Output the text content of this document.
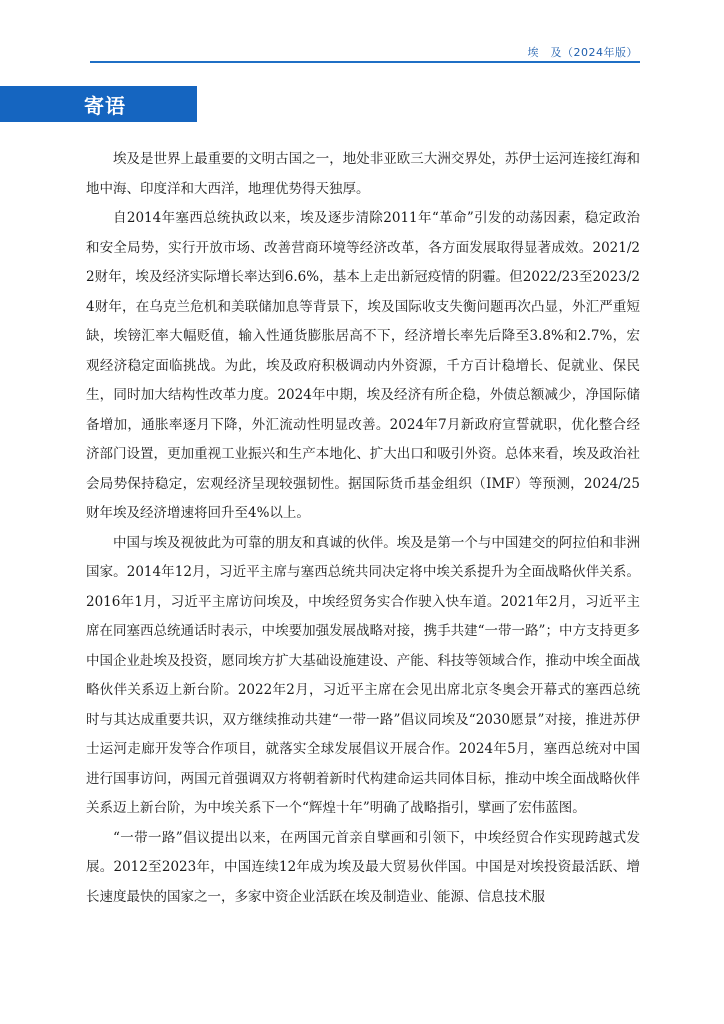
埃　及（2024年版）
寄语

埃及是世界上最重要的文明古国之一，地处非亚欧三大洲交界处，苏伊士运河连接红海和地中海、印度洋和大西洋，地理优势得天独厚。

自2014年塞西总统执政以来，埃及逐步清除2011年“革命”引发的动荡因素，稳定政治和安全局势，实行开放市场、改善营商环境等经济改革，各方面发展取得显著成效。2021/22财年，埃及经济实际增长率达到6.6%，基本上走出新冠疫情的阴霾。但2022/23至2023/24财年，在乌克兰危机和美联储加息等背景下，埃及国际收支失衡问题再次凸显，外汇严重短缺，埃镑汇率大幅贬值，输入性通货膨胀居高不下，经济增长率先后降至3.8%和2.7%，宏观经济稳定面临挑战。为此，埃及政府积极调动内外资源，千方百计稳增长、促就业、保民生，同时加大结构性改革力度。2024年中期，埃及经济有所企稳，外债总额减少，净国际储备增加，通胀率逐月下降，外汇流动性明显改善。2024年7月新政府宣誓就职，优化整合经济部门设置，更加重视工业振兴和生产本地化、扩大出口和吸引外资。总体来看，埃及政治社会局势保持稳定，宏观经济呈现较强韧性。据国际货币基金组织（IMF）等预测，2024/25财年埃及经济增速将回升至4%以上。

中国与埃及视彼此为可靠的朋友和真诚的伙伴。埃及是第一个与中国建交的阿拉伯和非洲国家。2014年12月，习近平主席与塞西总统共同决定将中埃关系提升为全面战略伙伴关系。2016年1月，习近平主席访问埃及，中埃经贸务实合作驶入快车道。2021年2月，习近平主席在同塞西总统通话时表示，中埃要加强发展战略对接，携手共建“一带一路”；中方支持更多中国企业赴埃及投资，愿同埃方扩大基础设施建设、产能、科技等领域合作，推动中埃全面战略伙伴关系迈上新台阶。2022年2月，习近平主席在会见出席北京冬奥会开幕式的塞西总统时与其达成重要共识，双方继续推动共建“一带一路”倡议同埃及“2030愿景”对接，推进苏伊士运河走廊开发等合作项目，就落实全球发展倡议开展合作。2024年5月，塞西总统对中国进行国事访问，两国元首强调双方将朝着新时代构建命运共同体目标，推动中埃全面战略伙伴关系迈上新台阶，为中埃关系下一个“辉煌十年”明确了战略指引，擘画了宏伟蓝图。

“一带一路”倡议提出以来，在两国元首亲自擘画和引领下，中埃经贸合作实现跨越式发展。2012至2023年，中国连续12年成为埃及最大贸易伙伴国。中国是对埃投资最活跃、增长速度最快的国家之一，多家中资企业活跃在埃及制造业、能源、信息技术服
